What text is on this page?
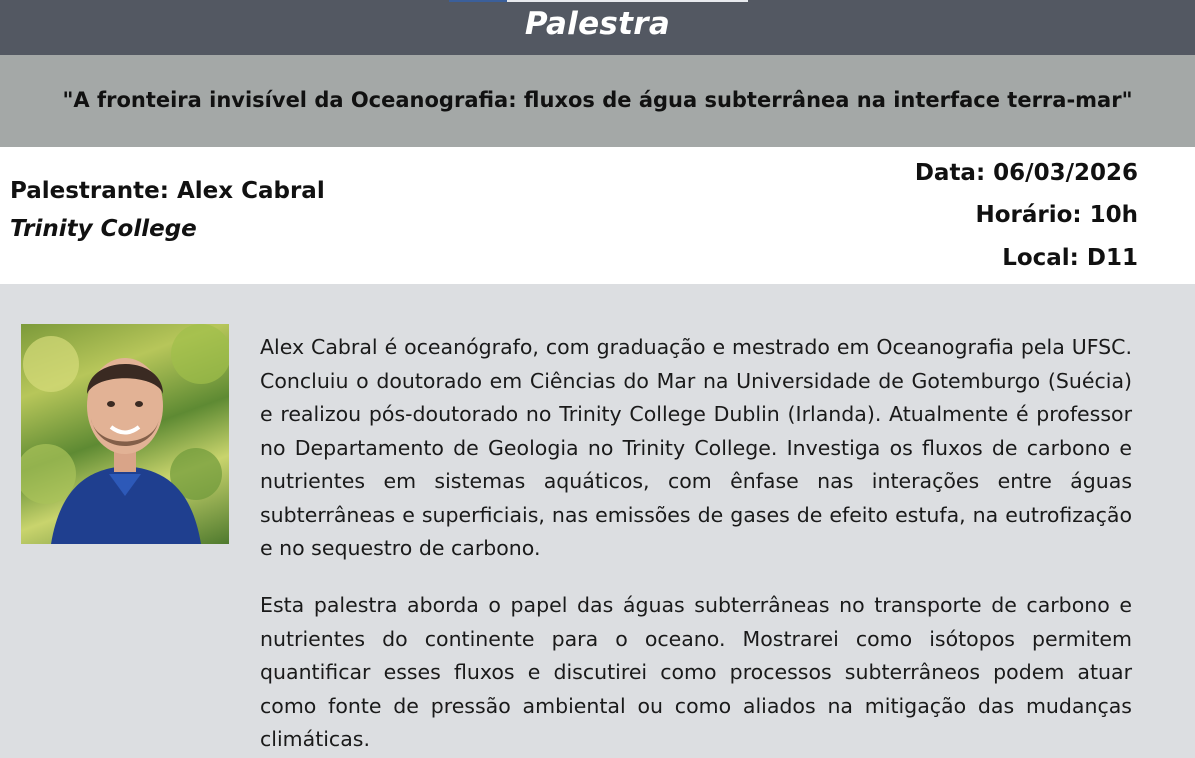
Palestra
"A fronteira invisível da Oceanografia: fluxos de água subterrânea na interface terra-mar"
Palestrante: Alex Cabral
Trinity College
Data: 06/03/2026
Horário: 10h
Local: D11

Alex Cabral é oceanógrafo, com graduação e mestrado em Oceanografia pela UFSC. Concluiu o doutorado em Ciências do Mar na Universidade de Gotemburgo (Suécia) e realizou pós-doutorado no Trinity College Dublin (Irlanda). Atualmente é professor no Departamento de Geologia no Trinity College. Investiga os fluxos de carbono e nutrientes em sistemas aquáticos, com ênfase nas interações entre águas subterrâneas e superficiais, nas emissões de gases de efeito estufa, na eutrofização e no sequestro de carbono.

Esta palestra aborda o papel das águas subterrâneas no transporte de carbono e nutrientes do continente para o oceano. Mostrarei como isótopos permitem quantificar esses fluxos e discutirei como processos subterrâneos podem atuar como fonte de pressão ambiental ou como aliados na mitigação das mudanças climáticas.
